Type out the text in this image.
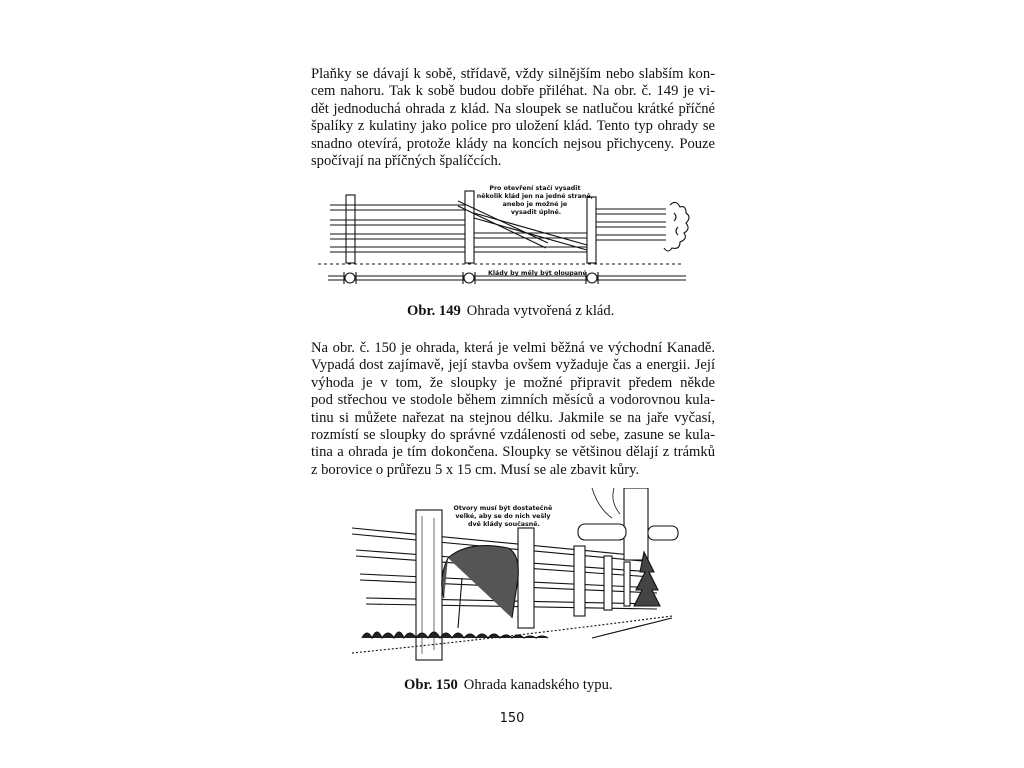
Plaňky se dávají k sobě, střídavě, vždy silnějším nebo slabším kon-
cem nahoru. Tak k sobě budou dobře přiléhat. Na obr. č. 149 je vi-
dět jednoduchá ohrada z klád. Na sloupek se natlučou krátké příčné
špalíky z kulatiny jako police pro uložení klád. Tento typ ohrady se
snadno otevírá, protože klády na koncích nejsou přichyceny. Pouze
spočívají na příčných špalíčcích.
Pro otevření stačí vysadit několik klád jen na jedné straně, anebo je možné je vysadit úplně.
Klády by měly být oloupané
Obr. 149 Ohrada vytvořená z klád.
Na obr. č. 150 je ohrada, která je velmi běžná ve východní Kanadě.
Vypadá dost zajímavě, její stavba ovšem vyžaduje čas a energii. Její
výhoda je v tom, že sloupky je možné připravit předem někde
pod střechou ve stodole během zimních měsíců a vodorovnou kula-
tinu si můžete nařezat na stejnou délku. Jakmile se na jaře vyčasí,
rozmístí se sloupky do správné vzdálenosti od sebe, zasune se kula-
tina a ohrada je tím dokončena. Sloupky se většinou dělají z trámků
z borovice o průřezu 5 x 15 cm. Musí se ale zbavit kůry.
Otvory musí být dostatečně velké, aby se do nich vešly dvě klády současně.
Obr. 150 Ohrada kanadského typu.
150
